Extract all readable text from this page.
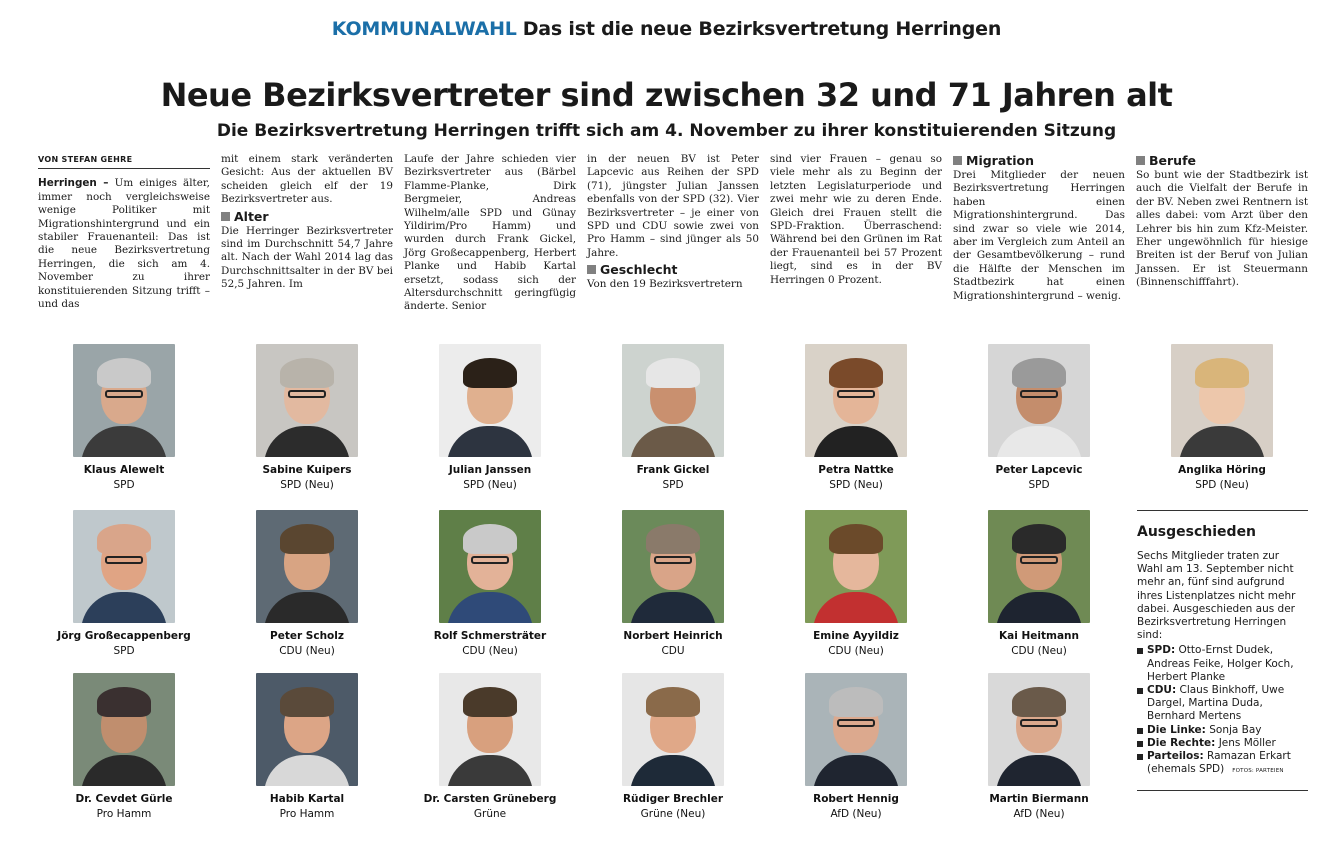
KOMMUNALWAHL Das ist die neue Bezirksvertretung Herringen
Neue Bezirksvertreter sind zwischen 32 und 71 Jahren alt
Die Bezirksvertretung Herringen trifft sich am 4. November zu ihrer konstituierenden Sitzung
VON STEFAN GEHRE

Herringen – Um einiges älter, immer noch vergleichsweise wenige Politiker mit Migrationshintergrund und ein stabiler Frauenanteil: Das ist die neue Bezirksvertretung Herringen, die sich am 4. November zu ihrer konstituierenden Sitzung trifft – und das

mit einem stark veränderten Gesicht: Aus der aktuellen BV scheiden gleich elf der 19 Bezirksvertreter aus.

Alter

Die Herringer Bezirksvertreter sind im Durchschnitt 54,7 Jahre alt. Nach der Wahl 2014 lag das Durchschnittsalter in der BV bei 52,5 Jahren. Im

Laufe der Jahre schieden vier Bezirksvertreter aus (Bärbel Flamme-Planke, Dirk Bergmeier, Andreas Wilhelm/alle SPD und Günay Yildirim/Pro Hamm) und wurden durch Frank Gickel, Jörg Großecappenberg, Herbert Planke und Habib Kartal ersetzt, sodass sich der Altersdurchschnitt geringfügig änderte. Senior

in der neuen BV ist Peter Lapcevic aus Reihen der SPD (71), jüngster Julian Janssen ebenfalls von der SPD (32). Vier Bezirksvertreter – je einer von SPD und CDU sowie zwei von Pro Hamm – sind jünger als 50 Jahre.

Geschlecht

Von den 19 Bezirksvertretern

sind vier Frauen – genau so viele mehr als zu Beginn der letzten Legislaturperiode und zwei mehr wie zu deren Ende. Gleich drei Frauen stellt die SPD-Fraktion. Überraschend: Während bei den Grünen im Rat der Frauenanteil bei 57 Prozent liegt, sind es in der BV Herringen 0 Prozent.

Migration

Drei Mitglieder der neuen Bezirksvertretung Herringen haben einen Migrationshintergrund. Das sind zwar so viele wie 2014, aber im Vergleich zum Anteil an der Gesamtbevölkerung – rund die Hälfte der Menschen im Stadtbezirk hat einen Migrationshintergrund – wenig.

Berufe

So bunt wie der Stadtbezirk ist auch die Vielfalt der Berufe in der BV. Neben zwei Rentnern ist alles dabei: vom Arzt über den Lehrer bis hin zum Kfz-Meister. Eher ungewöhnlich für hiesige Breiten ist der Beruf von Julian Janssen. Er ist Steuermann (Binnenschifffahrt).

Klaus Alewelt
SPD
Sabine Kuipers
SPD (Neu)
Julian Janssen
SPD (Neu)
Frank Gickel
SPD
Petra Nattke
SPD (Neu)
Peter Lapcevic
SPD
Anglika Höring
SPD (Neu)
Jörg Großecappenberg
SPD
Peter Scholz
CDU (Neu)
Rolf Schmersträter
CDU (Neu)
Norbert Heinrich
CDU
Emine Ayyildiz
CDU (Neu)
Kai Heitmann
CDU (Neu)
Dr. Cevdet Gürle
Pro Hamm
Habib Kartal
Pro Hamm
Dr. Carsten Grüneberg
Grüne
Rüdiger Brechler
Grüne (Neu)
Robert Hennig
AfD (Neu)
Martin Biermann
AfD (Neu)
Ausgeschieden

Sechs Mitglieder traten zur Wahl am 13. September nicht mehr an, fünf sind aufgrund ihres Listenplatzes nicht mehr dabei. Ausgeschieden aus der Bezirksvertretung Herringen sind:

SPD: Otto-Ernst Dudek, Andreas Feike, Holger Koch, Herbert Planke
CDU: Claus Binkhoff, Uwe Dargel, Martina Duda, Bernhard Mertens
Die Linke: Sonja Bay
Die Rechte: Jens Möller
Parteilos: Ramazan Erkart (ehemals SPD) FOTOS: PARTEIEN
